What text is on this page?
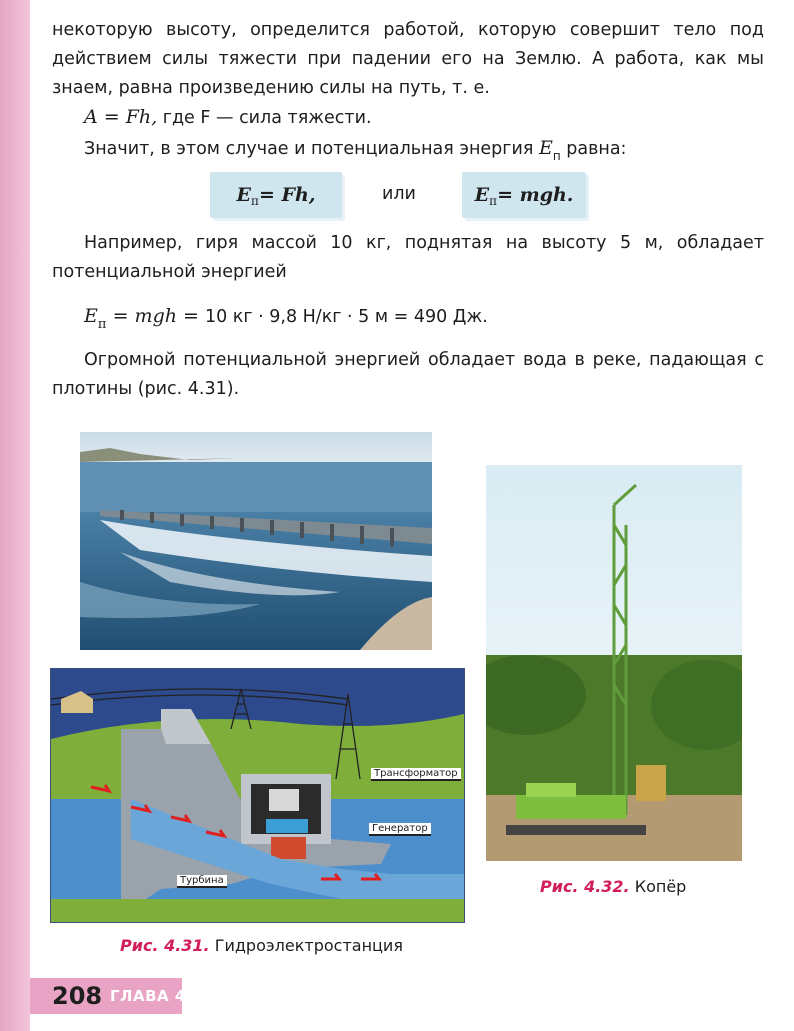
некоторую высоту, определится работой, которую совершит тело под действием силы тяжести при падении его на Землю. А работа, как мы знаем, равна произведению силы на путь, т. е.
A = Fh, где F — сила тяжести.
Значит, в этом случае и потенциальная энергия $E_п$ равна:
E п = Fh,	или	E п = mgh.
Например, гиря массой 10 кг, поднятая на высоту 5 м, обладает потенциальной энергией
$E_п$ = mgh = 10 кг · 9,8 Н/кг · 5 м = 490 Дж.
Огромной потенциальной энергией обладает вода в реке, падающая с плотины (рис. 4.31).
Трансформатор
Генератор
Турбина
Рис. 4.31. Гидроэлектростанция
Рис. 4.32. Копёр
208 ГЛАВА 4
